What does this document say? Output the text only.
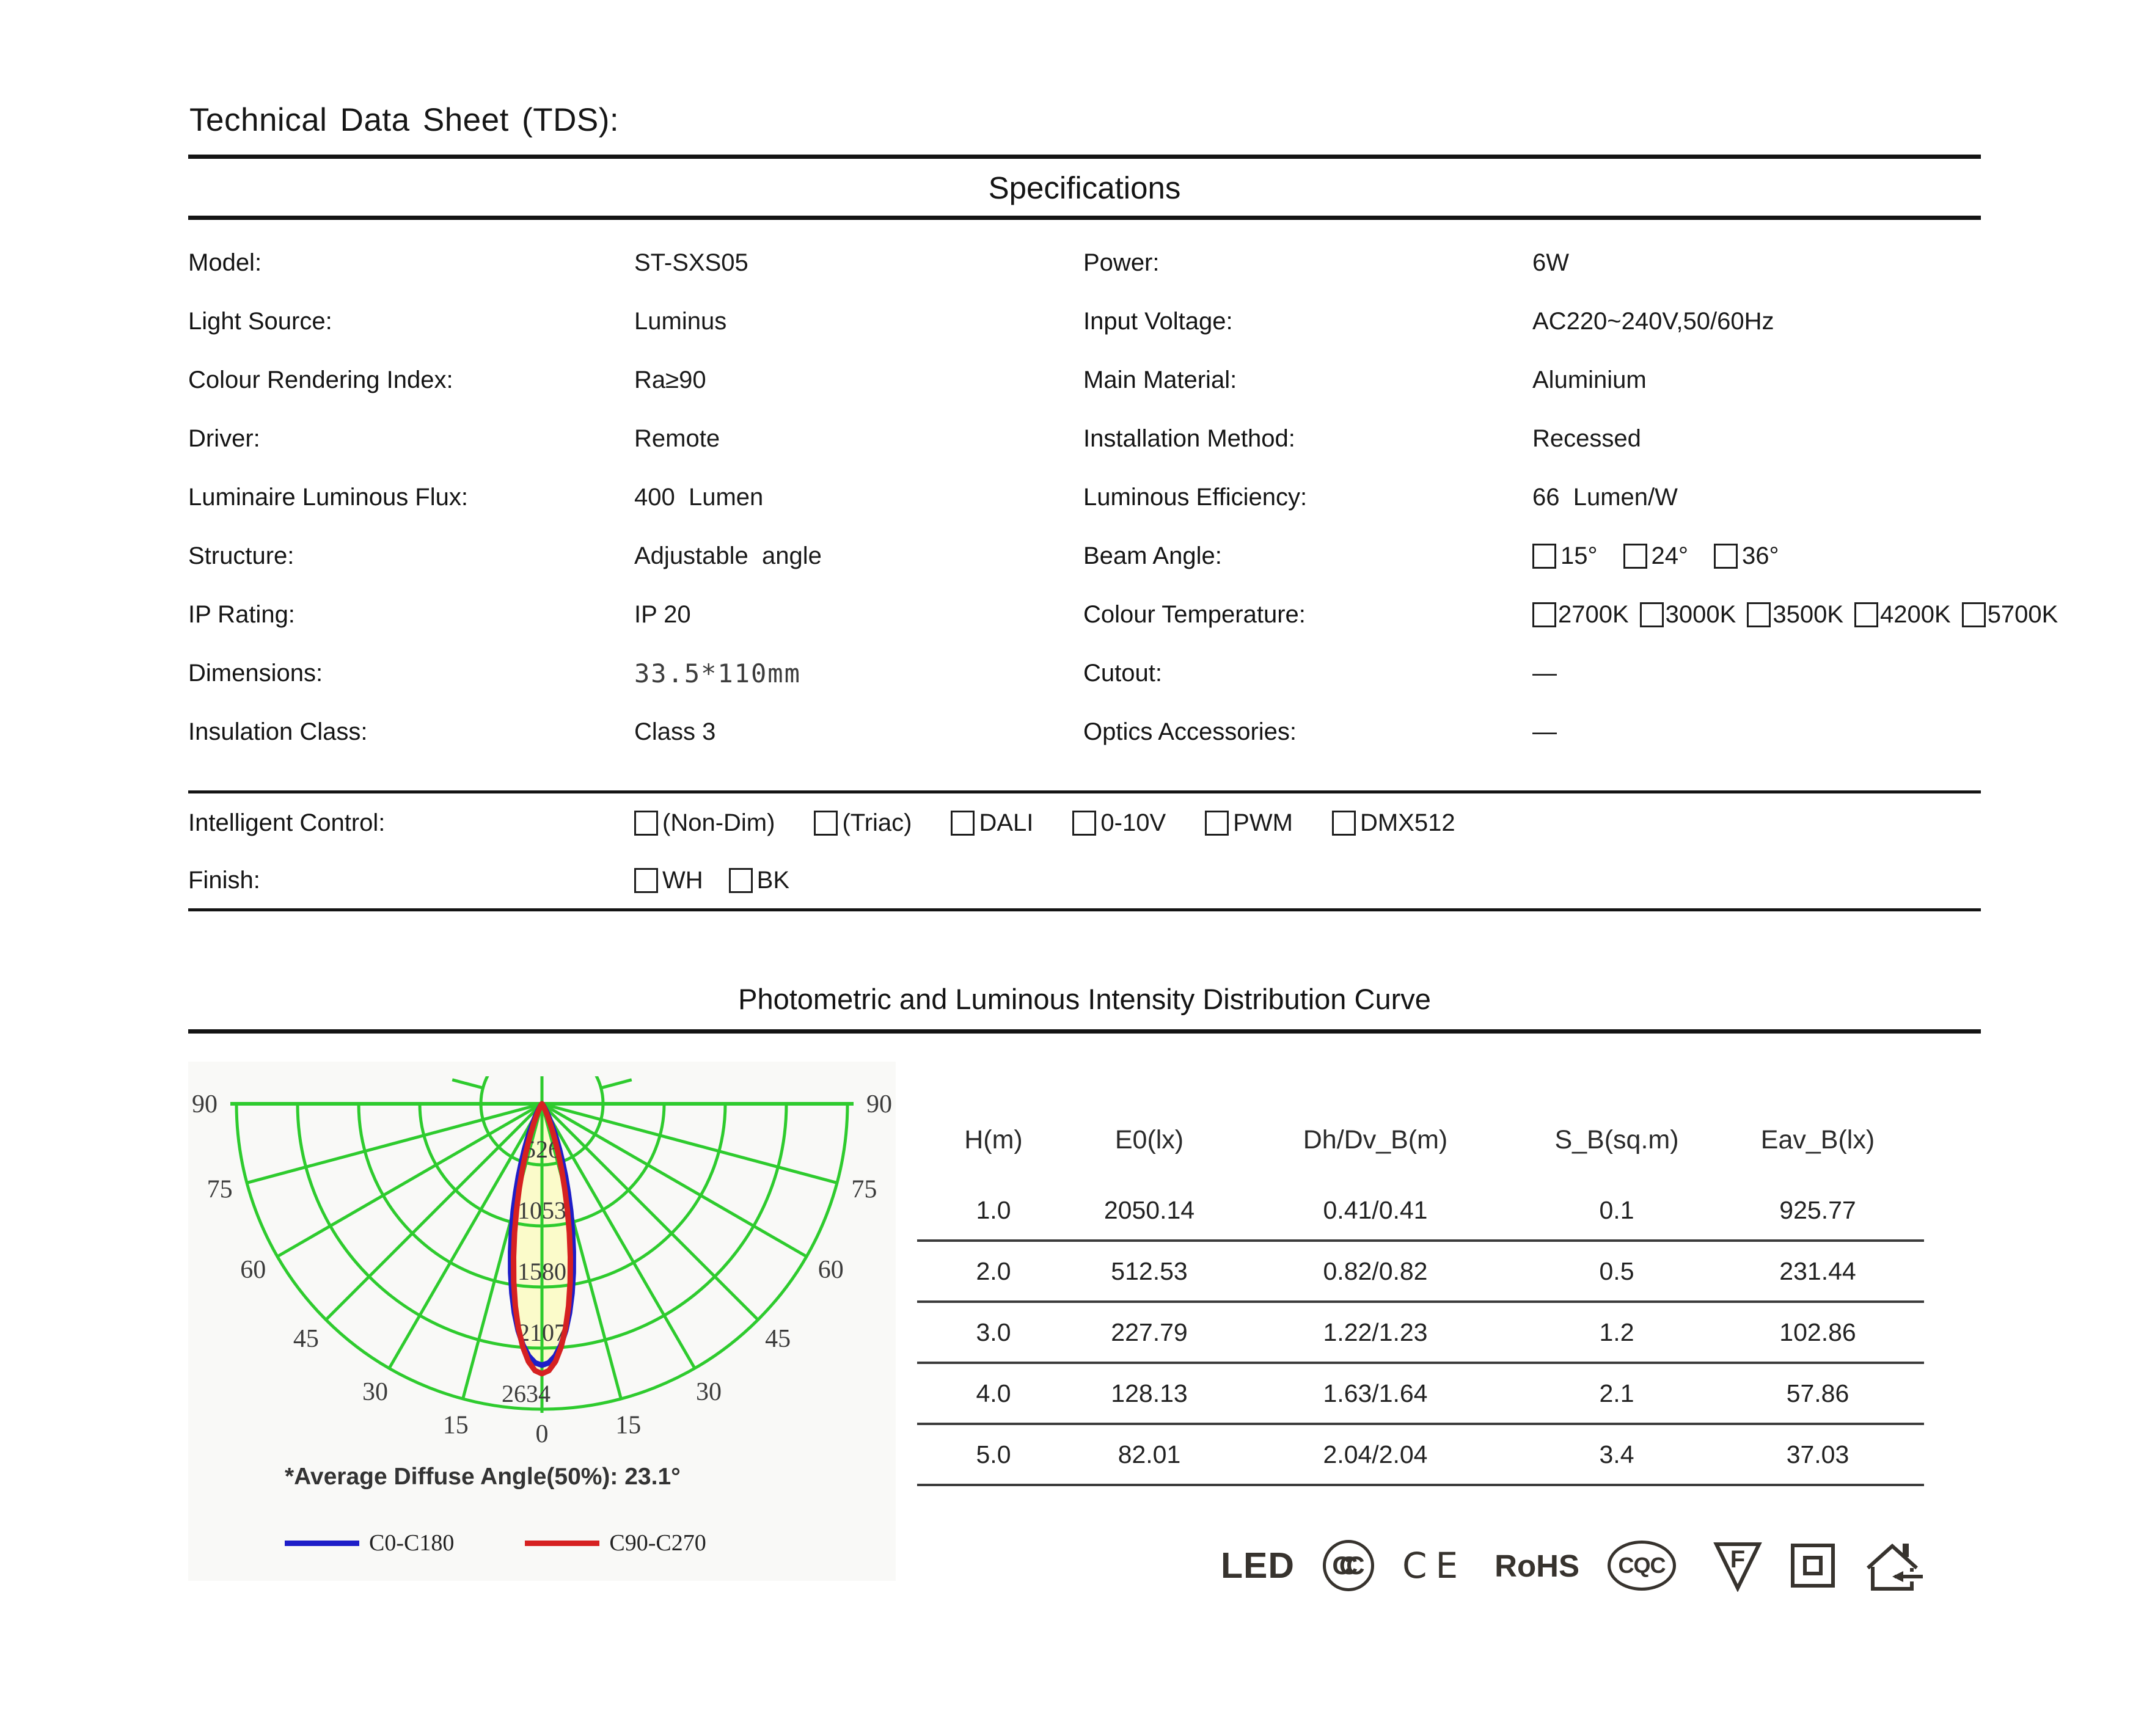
Technical Data Sheet (TDS):
Specifications
Model:	ST-SXS05	Power:	6W
Light Source:	Luminus	Input Voltage:	AC220~240V,50/60Hz
Colour Rendering Index:	Ra≥90	Main Material:	Aluminium
Driver:	Remote	Installation Method:	Recessed
Luminaire Luminous Flux:	400  Lumen	Luminous Efficiency:	66  Lumen/W
Structure:	Adjustable  angle	Beam Angle:	15° 24° 36°
IP Rating:	IP 20	Colour Temperature:	2700K 3000K 3500K 4200K 5700K
Dimensions:	33.5*110mm	Cutout:	—
Insulation Class:	Class 3	Optics Accessories:	—
Intelligent Control:	(Non-Dim)	(Triac)	DALI	0-10V	PWM	DMX512
Finish:	WH BK
Photometric and Luminous Intensity Distribution Curve
526
1053
1580
2107
2634
0	15
15
30
30
45
45
60
60
75
75
90
90
*Average Diffuse Angle(50%): 23.1°
C0-C180	C90-C270
H(m)	E0(lx)	Dh/Dv_B(m)	S_B(sq.m)	Eav_B(lx)
1.0	2050.14	0.41/0.41	0.1	925.77
2.0	512.53	0.82/0.82	0.5	231.44
3.0	227.79	1.22/1.23	1.2	102.86
4.0	128.13	1.63/1.64	2.1	57.86
5.0	82.01	2.04/2.04	3.4	37.03
LED CCC	CE RoHS CQC	F
